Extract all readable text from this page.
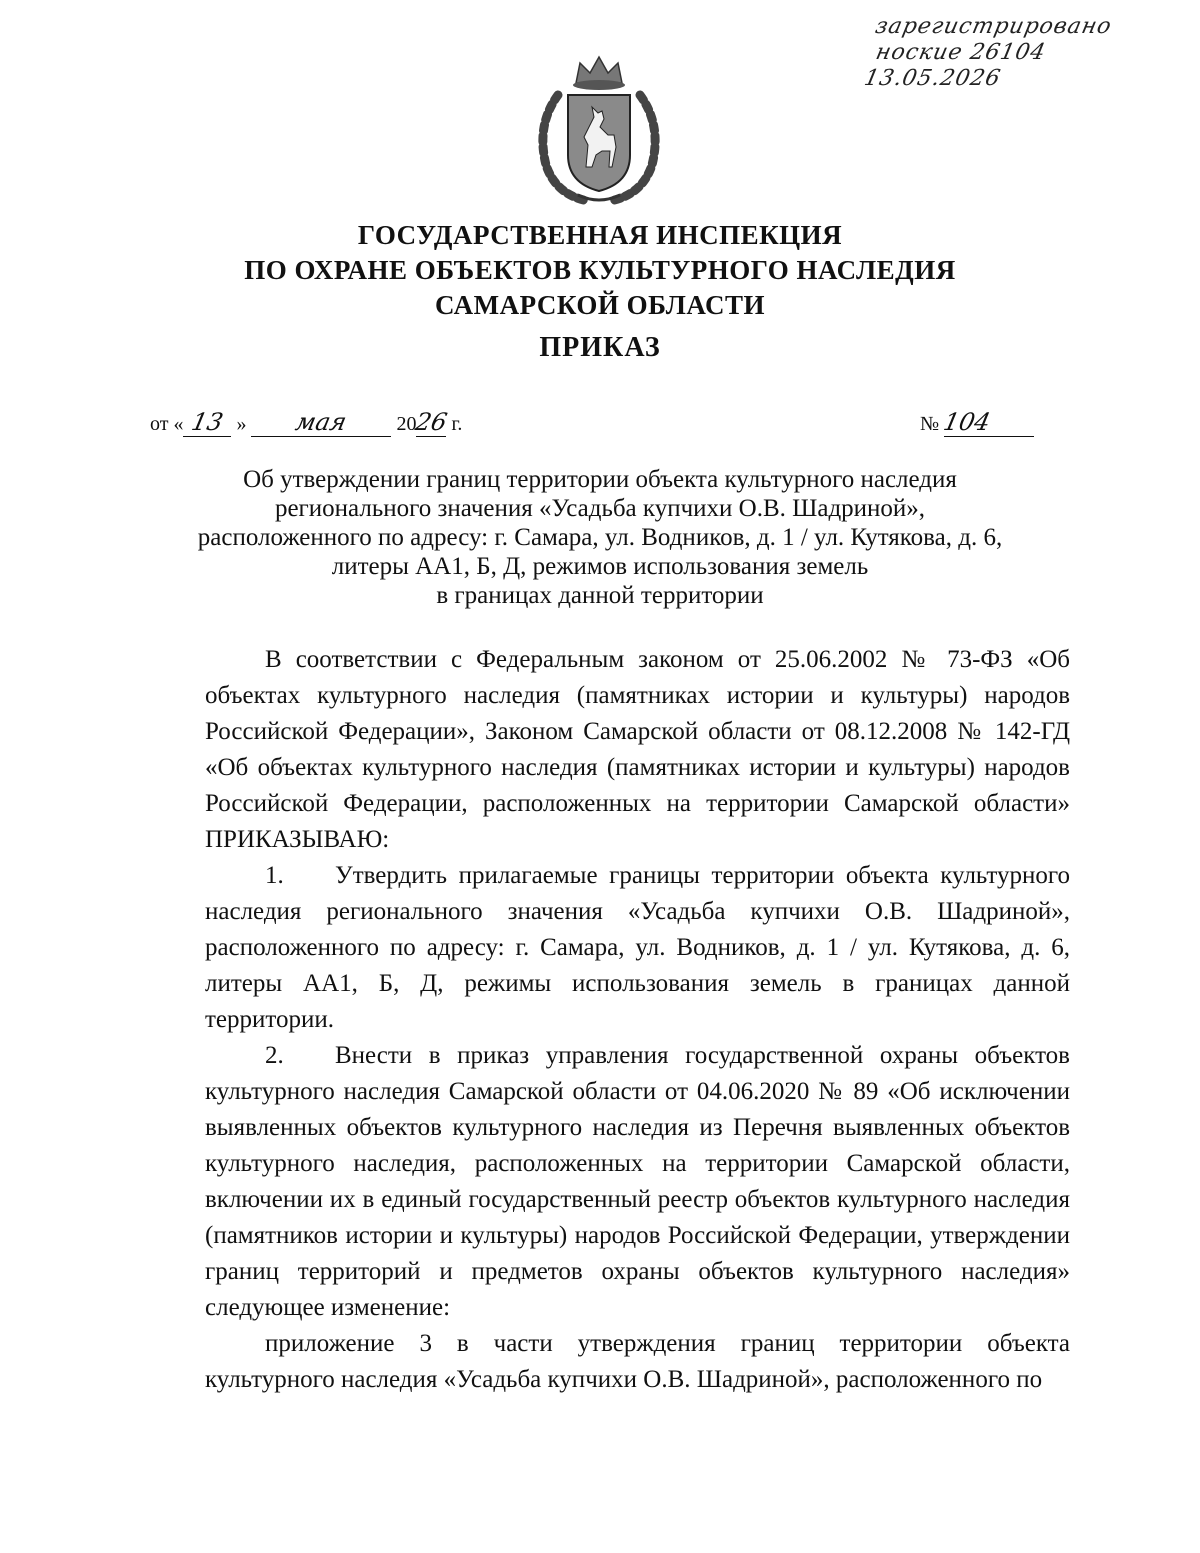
зарегистрировано
ноские 26104
13.05.2026
ГОСУДАРСТВЕННАЯ ИНСПЕКЦИЯ
ПО ОХРАНЕ ОБЪЕКТОВ КУЛЬТУРНОГО НАСЛЕДИЯ
САМАРСКОЙ ОБЛАСТИ
ПРИКАЗ
от « 13 » мая 2026 г.	№ 104
Об утверждении границ территории объекта культурного наследия
регионального значения «Усадьба купчихи О.В. Шадриной»,
расположенного по адресу: г. Самара, ул. Водников, д. 1 / ул. Кутякова, д. 6,
литеры АА1, Б, Д, режимов использования земель
в границах данной территории

В соответствии с Федеральным законом от 25.06.2002 № 73-ФЗ «Об объектах культурного наследия (памятниках истории и культуры) народов Российской Федерации», Законом Самарской области от 08.12.2008 № 142-ГД «Об объектах культурного наследия (памятниках истории и культуры) народов Российской Федерации, расположенных на территории Самарской области» ПРИКАЗЫВАЮ:

1. Утвердить прилагаемые границы территории объекта культурного наследия регионального значения «Усадьба купчихи О.В. Шадриной», расположенного по адресу: г. Самара, ул. Водников, д. 1 / ул. Кутякова, д. 6, литеры АА1, Б, Д, режимы использования земель в границах данной территории.

2. Внести в приказ управления государственной охраны объектов культурного наследия Самарской области от 04.06.2020 № 89 «Об исключении выявленных объектов культурного наследия из Перечня выявленных объектов культурного наследия, расположенных на территории Самарской области, включении их в единый государственный реестр объектов культурного наследия (памятников истории и культуры) народов Российской Федерации, утверждении границ территорий и предметов охраны объектов культурного наследия» следующее изменение:

приложение 3 в части утверждения границ территории объекта культурного наследия «Усадьба купчихи О.В. Шадриной», расположенного по
